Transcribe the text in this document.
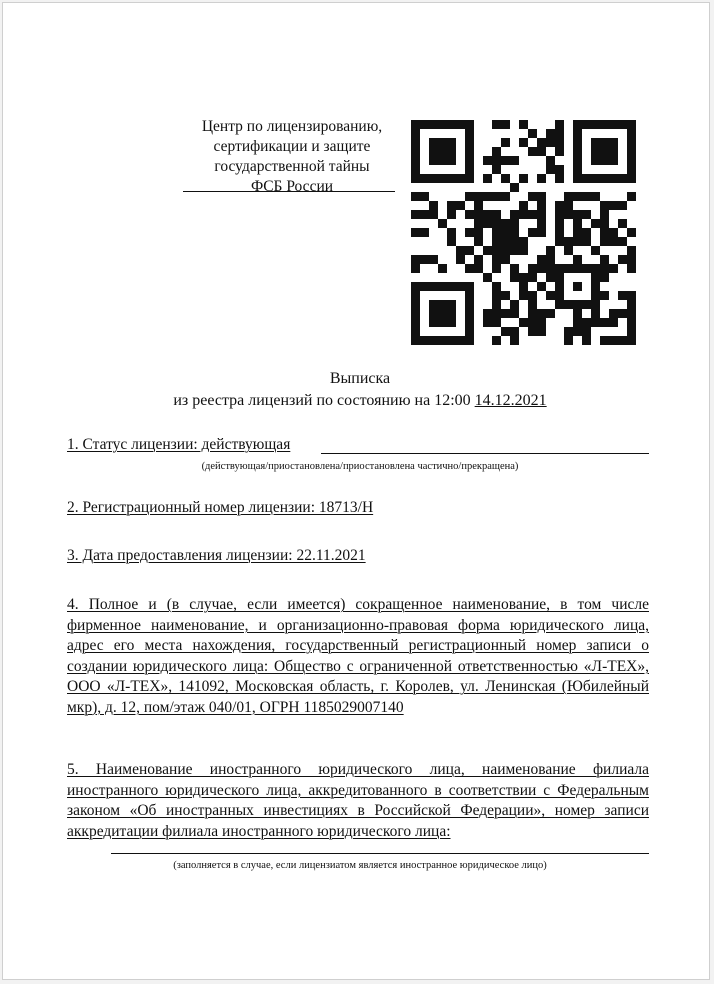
Центр по лицензированию,
сертификации и защите
государственной тайны
ФСБ России
Выписка
из реестра лицензий по состоянию на 12:00 14.12.2021
1. Статус лицензии: действующая
(действующая/приостановлена/приостановлена частично/прекращена)
2. Регистрационный номер лицензии: 18713/Н
3. Дата предоставления лицензии: 22.11.2021
4. Полное и (в случае, если имеется) сокращенное наименование, в том числе фирменное наименование, и организационно-правовая форма юридического лица, адрес его места нахождения, государственный регистрационный номер записи о создании юридического лица: Общество с ограниченной ответственностью «Л-ТЕХ», ООО «Л-ТЕХ», 141092, Московская область, г. Королев, ул. Ленинская (Юбилейный мкр), д. 12, пом/этаж 040/01, ОГРН 1185029007140
5. Наименование иностранного юридического лица, наименование филиала иностранного юридического лица, аккредитованного в соответствии с Федеральным законом «Об иностранных инвестициях в Российской Федерации», номер записи аккредитации филиала иностранного юридического лица:
(заполняется в случае, если лицензиатом является иностранное юридическое лицо)
